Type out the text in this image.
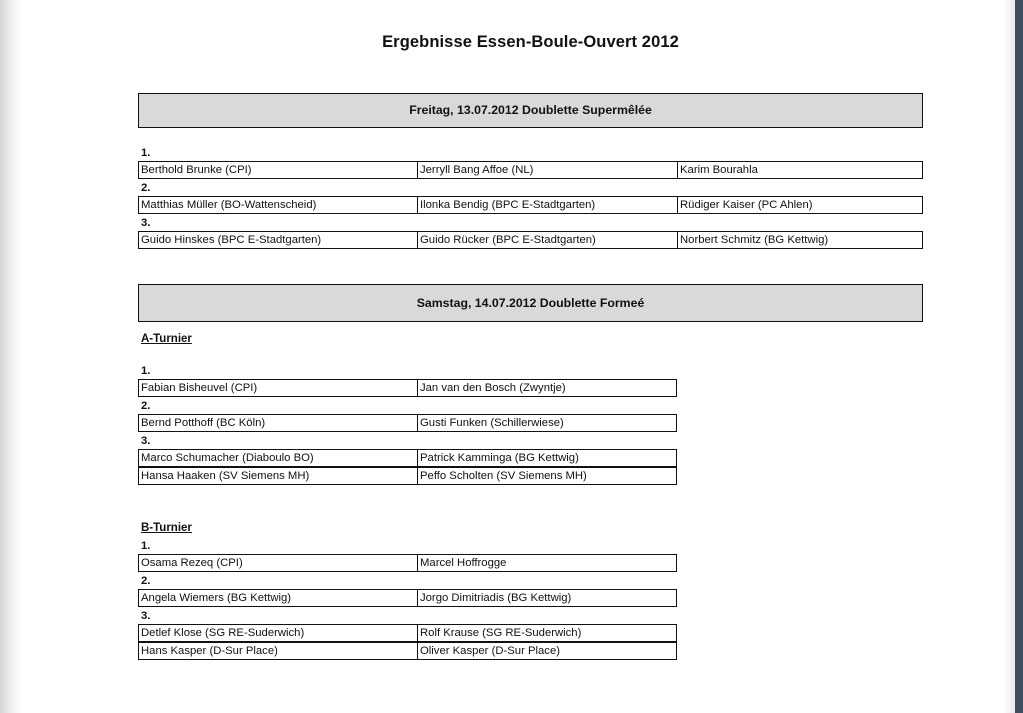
Ergebnisse Essen-Boule-Ouvert 2012
Freitag, 13.07.2012 Doublette Supermêlée
1.
Berthold Brunke (CPI)	Jerryll Bang Affoe (NL)	Karim Bourahla
2.
Matthias Müller (BO-Wattenscheid)	Ilonka Bendig (BPC E-Stadtgarten)	Rüdiger Kaiser (PC Ahlen)
3.
Guido Hinskes (BPC E-Stadtgarten)	Guido Rücker (BPC E-Stadtgarten)	Norbert Schmitz (BG Kettwig)
Samstag, 14.07.2012 Doublette Formeé
A-Turnier
1.
Fabian Bisheuvel (CPI)	Jan van den Bosch (Zwyntje)
2.
Bernd Potthoff (BC Köln)	Gusti Funken (Schillerwiese)
3.
Marco Schumacher (Diaboulo BO)	Patrick Kamminga (BG Kettwig)
Hansa Haaken (SV Siemens MH)	Peffo Scholten (SV Siemens MH)
B-Turnier
1.
Osama Rezeq (CPI)	Marcel Hoffrogge
2.
Angela Wiemers (BG Kettwig)	Jorgo Dimitriadis (BG Kettwig)
3.
Detlef Klose (SG RE-Suderwich)	Rolf Krause (SG RE-Suderwich)
Hans Kasper (D-Sur Place)	Oliver Kasper (D-Sur Place)
